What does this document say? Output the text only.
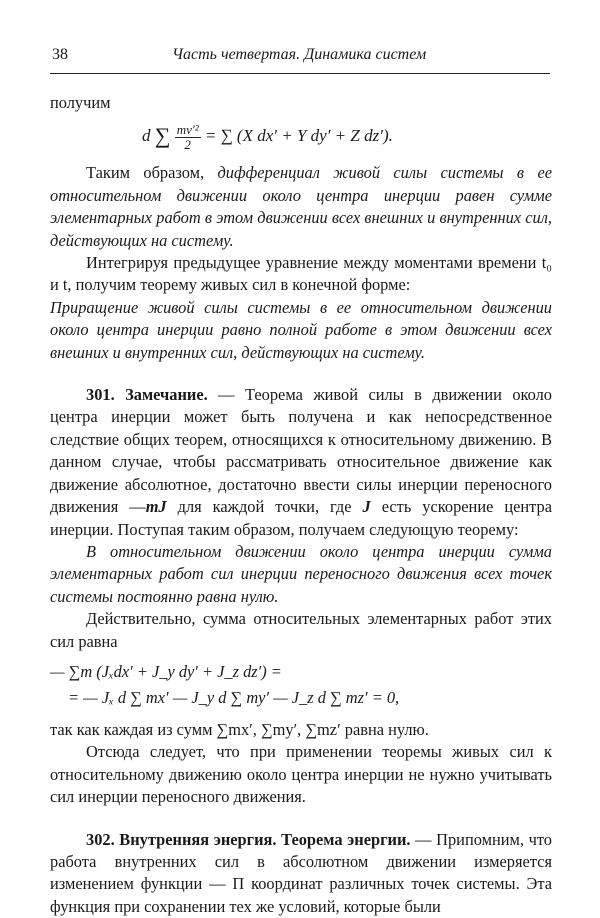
38	Часть четвертая. Динамика систем

получим

d ∑ $\frac{\text{mv′²}}{2}$ = ∑ (X dx′ + Y dy′ + Z dz′).

Таким образом, дифференциал живой силы системы в ее относительном движении около центра инерции равен сумме элементарных работ в этом движении всех внешних и внутренних сил, действующих на систему.

Интегрируя предыдущее уравнение между моментами времени t₀ и t, получим теорему живых сил в конечной форме:

Приращение живой силы системы в ее относительном движении около центра инерции равно полной работе в этом движении всех внешних и внутренних сил, действующих на систему.

301. Замечание. — Теорема живой силы в движении около центра инерции может быть получена и как непосредственное следствие общих теорем, относящихся к относительному движению. В данном случае, чтобы рассматривать относительное движение как движение абсолютное, достаточно ввести силы инерции переносного движения —mJ для каждой точки, где J есть ускорение центра инерции. Поступая таким образом, получаем следующую теорему:

В относительном движении около центра инерции сумма элементарных работ сил инерции переносного движения всех точек системы постоянно равна нулю.

Действительно, сумма относительных элементарных работ этих сил равна

— ∑m (Jₓdx′ + J_y dy′ + J_z dz′) =
= — Jₓ d ∑ mx′ — J_y d ∑ my′ — J_z d ∑ mz′ = 0,

так как каждая из сумм ∑mx′, ∑my′, ∑mz′ равна нулю.

Отсюда следует, что при применении теоремы живых сил к относительному движению около центра инерции не нужно учитывать сил инерции переносного движения.

302. Внутренняя энергия. Теорема энергии. — Припомним, что работа внутренних сил в абсолютном движении измеряется изменением функции — П координат различных точек системы. Эта функция при сохранении тех же условий, которые были
